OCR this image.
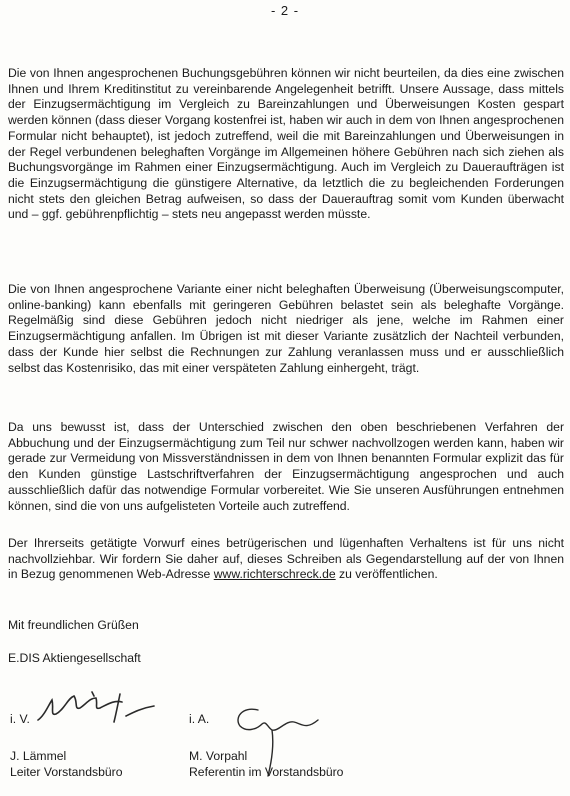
- 2 -

Die von Ihnen angesprochenen Buchungsgebühren können wir nicht beurteilen, da dies eine zwischen Ihnen und Ihrem Kreditinstitut zu vereinbarende Angelegenheit betrifft. Unsere Aussage, dass mittels der Einzugsermächtigung im Vergleich zu Bareinzahlungen und Überweisungen Kosten gespart werden können (dass dieser Vorgang kostenfrei ist, haben wir auch in dem von Ihnen angesprochenen Formular nicht behauptet), ist jedoch zutreffend, weil die mit Bareinzahlungen und Überweisungen in der Regel verbundenen beleghaften Vorgänge im Allgemeinen höhere Gebühren nach sich ziehen als Buchungsvorgänge im Rahmen einer Einzugsermächtigung. Auch im Vergleich zu Daueraufträgen ist die Einzugsermächtigung die günstigere Alternative, da letztlich die zu begleichenden Forderungen nicht stets den gleichen Betrag aufweisen, so dass der Dauerauftrag somit vom Kunden überwacht und – ggf. gebührenpflichtig – stets neu angepasst werden müsste.

Die von Ihnen angesprochene Variante einer nicht beleghaften Überweisung (Überweisungscomputer, online-banking) kann ebenfalls mit geringeren Gebühren belastet sein als beleghafte Vorgänge. Regelmäßig sind diese Gebühren jedoch nicht niedriger als jene, welche im Rahmen einer Einzugsermächtigung anfallen. Im Übrigen ist mit dieser Variante zusätzlich der Nachteil verbunden, dass der Kunde hier selbst die Rechnungen zur Zahlung veranlassen muss und er ausschließlich selbst das Kostenrisiko, das mit einer verspäteten Zahlung einhergeht, trägt.

Da uns bewusst ist, dass der Unterschied zwischen den oben beschriebenen Verfahren der Abbuchung und der Einzugsermächtigung zum Teil nur schwer nachvollzogen werden kann, haben wir gerade zur Vermeidung von Missverständnissen in dem von Ihnen benannten Formular explizit das für den Kunden günstige Lastschriftverfahren der Einzugsermächtigung angesprochen und auch ausschließlich dafür das notwendige Formular vorbereitet. Wie Sie unseren Ausführungen entnehmen können, sind die von uns aufgelisteten Vorteile auch zutreffend.

Der Ihrerseits getätigte Vorwurf eines betrügerischen und lügenhaften Verhaltens ist für uns nicht nachvollziehbar. Wir fordern Sie daher auf, dieses Schreiben als Gegendarstellung auf der von Ihnen in Bezug genommenen Web-Adresse www.richterschreck.de zu veröffentlichen.

Mit freundlichen Grüßen

E.DIS Aktiengesellschaft

i. V.
J. Lämmel
Leiter Vorstandsbüro
i. A.
M. Vorpahl
Referentin im Vorstandsbüro
